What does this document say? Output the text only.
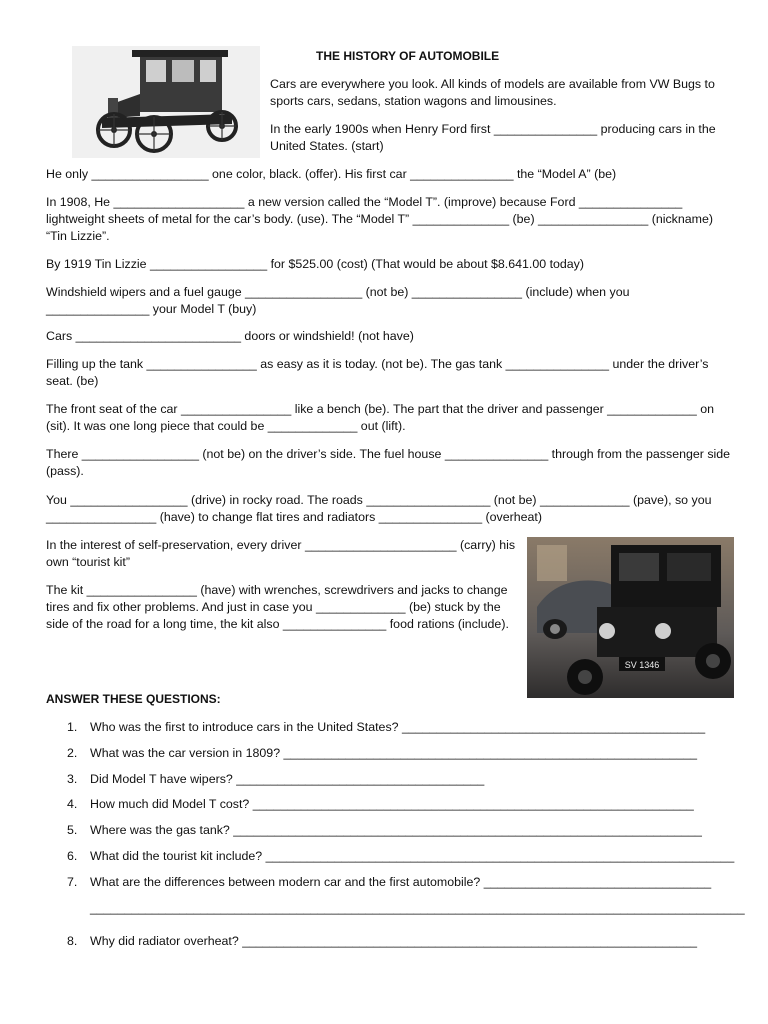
SV 1346
THE HISTORY OF AUTOMOBILE

Cars are everywhere you look. All kinds of models are available from VW Bugs to sports cars, sedans, station wagons and limousines.

In the early 1900s when Henry Ford first _______________ producing cars in the United States. (start)

He only _________________ one color, black. (offer). His first car _______________ the “Model A” (be)

In 1908, He ___________________ a new version called the “Model T”. (improve) because Ford _______________ lightweight sheets of metal for the car’s body. (use). The “Model T” ______________ (be) ________________ (nickname) “Tin Lizzie”.

By 1919 Tin Lizzie _________________ for $525.00 (cost) (That would be about $8.641.00 today)

Windshield wipers and a fuel gauge _________________ (not be) ________________ (include) when you _______________ your Model T (buy)

Cars ________________________ doors or windshield! (not have)

Filling up the tank ________________ as easy as it is today. (not be). The gas tank _______________ under the driver’s seat. (be)

The front seat of the car ________________ like a bench (be). The part that the driver and passenger _____________ on (sit). It was one long piece that could be _____________ out (lift).

There _________________ (not be) on the driver’s side. The fuel house _______________ through from the passenger side (pass).

You _________________ (drive) in rocky road. The roads __________________ (not be) _____________ (pave), so you ________________ (have) to change flat tires and radiators _______________ (overheat)

In the interest of self-preservation, every driver ______________________ (carry) his own “tourist kit”

The kit ________________ (have) with wrenches, screwdrivers and jacks to change tires and fix other problems. And just in case you _____________ (be) stuck by the side of the road for a long time, the kit also _______________ food rations (include).

ANSWER THESE QUESTIONS:
1. Who was the first to introduce cars in the United States? ____________________________________________
2. What was the car version in 1809? ____________________________________________________________
3. Did Model T have wipers? ____________________________________
4. How much did Model T cost? ________________________________________________________________
5. Where was the gas tank? ____________________________________________________________________
6. What did the tourist kit include? ____________________________________________________________________
7. What are the differences between modern car and the first automobile? _________________________________
_______________________________________________________________________________________________
8. Why did radiator overheat? __________________________________________________________________
